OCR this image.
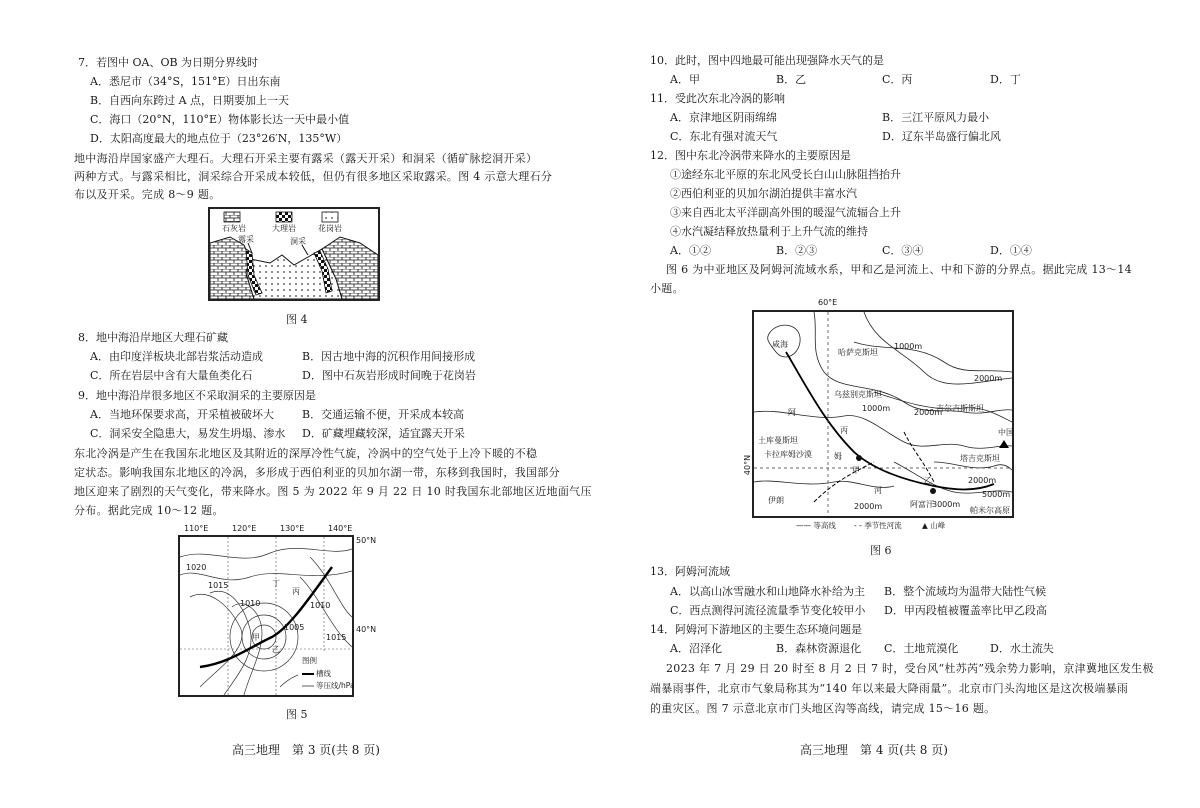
7．若图中 OA、OB 为日期分界线时
A．悉尼市（34°S，151°E）日出东南
B．自西向东跨过 A 点，日期要加上一天
C．海口（20°N，110°E）物体影长达一天中最小值
D．太阳高度最大的地点位于（23°26′N，135°W）
地中海沿岸国家盛产大理石。大理石开采主要有露采（露天开采）和洞采（循矿脉挖洞开采）
两种方式。与露采相比，洞采综合开采成本较低，但仍有很多地区采取露采。图 4 示意大理石分
布以及开采。完成 8～9 题。
石灰岩	大理岩	花岗岩
露采	洞采
图 4
8．地中海沿岸地区大理石矿藏
A．由印度洋板块北部岩浆活动造成	B．因古地中海的沉积作用间接形成
C．所在岩层中含有大量鱼类化石	D．图中石灰岩形成时间晚于花岗岩
9．地中海沿岸很多地区不采取洞采的主要原因是
A．当地环保要求高，开采植被破坏大	B．交通运输不便，开采成本较高
C．洞采安全隐患大，易发生坍塌、渗水 D．矿藏埋藏较深，适宜露天开采
东北冷涡是产生在我国东北地区及其附近的深厚冷性气旋，冷涡中的空气处于上冷下暖的不稳
定状态。影响我国东北地区的冷涡，多形成于西伯利亚的贝加尔湖一带，东移到我国时，我国部分
地区迎来了剧烈的天气变化，带来降水。图 5 为 2022 年 9 月 22 日 10 时我国东北部地区近地面气压
分布。据此完成 10～12 题。
110°E	120°E	130°E	140°E
丁
丙
甲
乙
1020
1015
1010
1005
1010
1015
图例
槽线
等压线/hPa
50°N
40°N
图 5
高三地理　第 3 页(共 8 页)
10．此时，图中四地最可能出现强降水天气的是
A．甲	B．乙	C．丙	D．丁
11．受此次东北冷涡的影响
A．京津地区阴雨绵绵	B．三江平原风力最小
C．东北有强对流天气	D．辽东半岛盛行偏北风
12．图中东北冷涡带来降水的主要原因是
①途经东北平原的东北风受长白山山脉阻挡抬升
②西伯利亚的贝加尔湖泊提供丰富水汽
③来自西北太平洋副高外围的暖湿气流辐合上升
④水汽凝结释放热量利于上升气流的维持
A．①②	B．②③	C．③④	D．①④
图 6 为中亚地区及阿姆河流域水系，甲和乙是河流上、中和下游的分界点。据此完成 13～14
小题。
60°E
甲
乙
咸海
哈萨克斯坦
乌兹别克斯坦
吉尔吉斯斯坦
中国
土库曼斯坦
卡拉库姆沙漠	塔吉克斯坦
伊朗	阿富汗
帕米尔高原
阿
姆
河
丙
1000m
1000m
2000m
2000m
2000m
2000m	3000m
5000m
40°N
—— 等高线 - - 季节性河流	▲ 山峰
图 6
13．阿姆河流域
A．以高山冰雪融水和山地降水补给为主 B．整个流域均为温带大陆性气候
C．西点测得河流径流量季节变化较甲小 D．甲丙段植被覆盖率比甲乙段高
14．阿姆河下游地区的主要生态环境问题是
A．沼泽化	B．森林资源退化 C．土地荒漠化	D．水土流失
2023 年 7 月 29 日 20 时至 8 月 2 日 7 时，受台风“杜苏芮”残余势力影响，京津冀地区发生极
端暴雨事件，北京市气象局称其为“140 年以来最大降雨量”。北京市门头沟地区是这次极端暴雨
的重灾区。图 7 示意北京市门头地区沟等高线，请完成 15～16 题。
高三地理　第 4 页(共 8 页)
